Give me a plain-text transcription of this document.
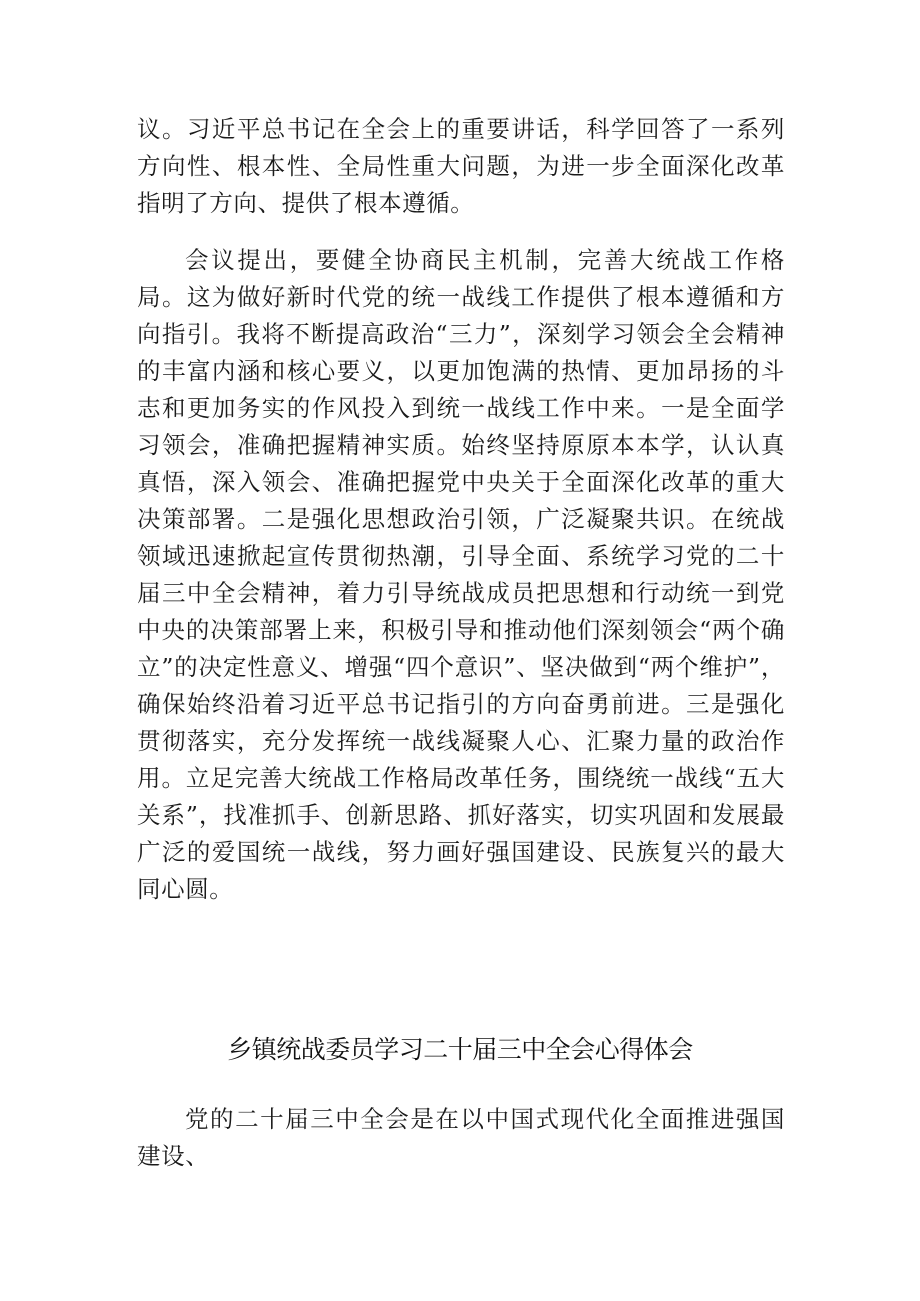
议。习近平总书记在全会上的重要讲话，科学回答了一系列方向性、根本性、全局性重大问题，为进一步全面深化改革指明了方向、提供了根本遵循。

会议提出，要健全协商民主机制，完善大统战工作格局。这为做好新时代党的统一战线工作提供了根本遵循和方向指引。我将不断提高政治“三力”，深刻学习领会全会精神的丰富内涵和核心要义，以更加饱满的热情、更加昂扬的斗志和更加务实的作风投入到统一战线工作中来。一是全面学习领会，准确把握精神实质。始终坚持原原本本学，认认真真悟，深入领会、准确把握党中央关于全面深化改革的重大决策部署。二是强化思想政治引领，广泛凝聚共识。在统战领域迅速掀起宣传贯彻热潮，引导全面、系统学习党的二十届三中全会精神，着力引导统战成员把思想和行动统一到党中央的决策部署上来，积极引导和推动他们深刻领会“两个确立”的决定性意义、增强“四个意识”、坚决做到“两个维护”，确保始终沿着习近平总书记指引的方向奋勇前进。三是强化贯彻落实，充分发挥统一战线凝聚人心、汇聚力量的政治作用。立足完善大统战工作格局改革任务，围绕统一战线“五大关系”，找准抓手、创新思路、抓好落实，切实巩固和发展最广泛的爱国统一战线，努力画好强国建设、民族复兴的最大同心圆。

乡镇统战委员学习二十届三中全会心得体会

党的二十届三中全会是在以中国式现代化全面推进强国建设、
